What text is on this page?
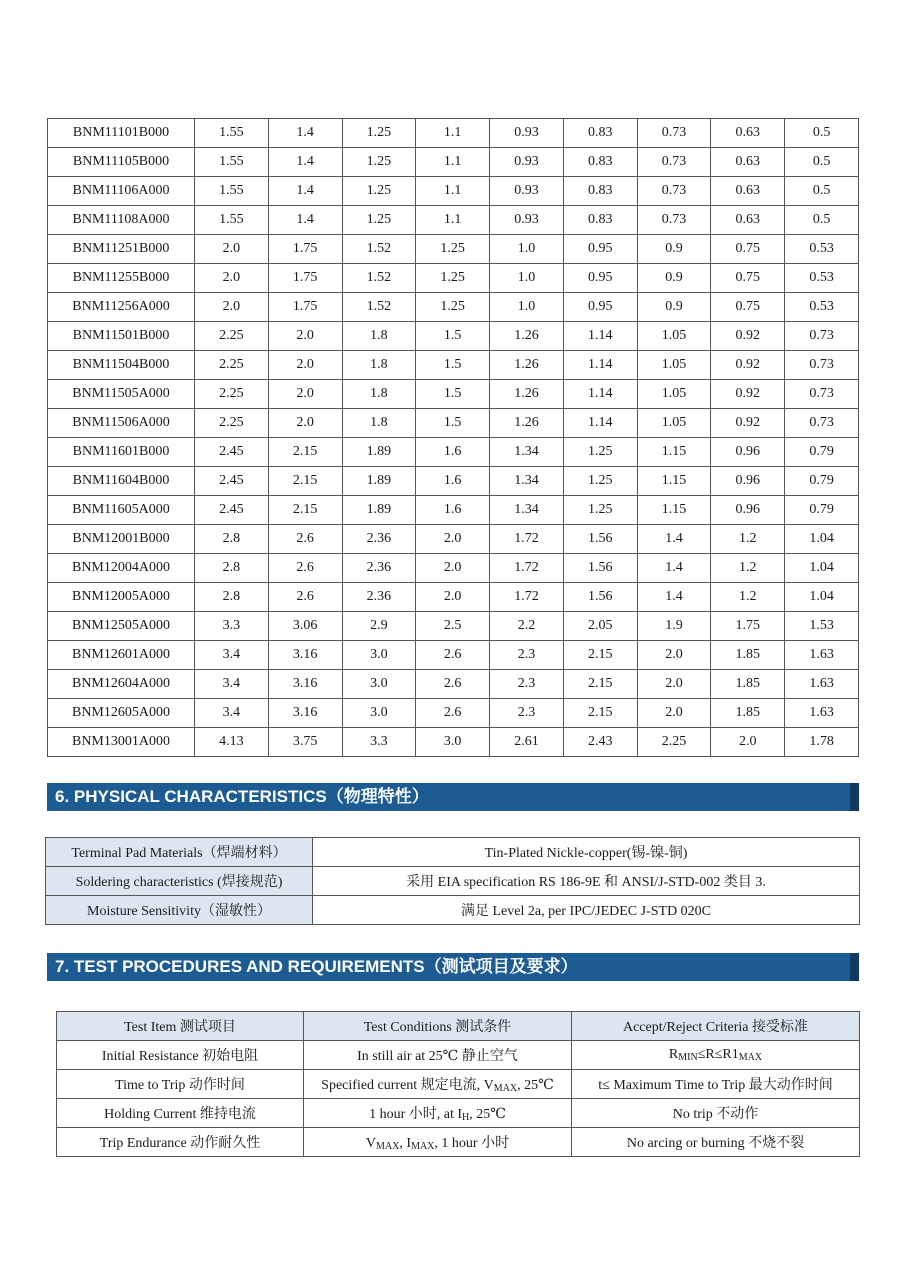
BNM11101B000	1.55	1.4	1.25	1.1	0.93	0.83	0.73	0.63	0.5
BNM11105B000	1.55	1.4	1.25	1.1	0.93	0.83	0.73	0.63	0.5
BNM11106A000	1.55	1.4	1.25	1.1	0.93	0.83	0.73	0.63	0.5
BNM11108A000	1.55	1.4	1.25	1.1	0.93	0.83	0.73	0.63	0.5
BNM11251B000	2.0	1.75	1.52	1.25	1.0	0.95	0.9	0.75	0.53
BNM11255B000	2.0	1.75	1.52	1.25	1.0	0.95	0.9	0.75	0.53
BNM11256A000	2.0	1.75	1.52	1.25	1.0	0.95	0.9	0.75	0.53
BNM11501B000	2.25	2.0	1.8	1.5	1.26	1.14	1.05	0.92	0.73
BNM11504B000	2.25	2.0	1.8	1.5	1.26	1.14	1.05	0.92	0.73
BNM11505A000	2.25	2.0	1.8	1.5	1.26	1.14	1.05	0.92	0.73
BNM11506A000	2.25	2.0	1.8	1.5	1.26	1.14	1.05	0.92	0.73
BNM11601B000	2.45	2.15	1.89	1.6	1.34	1.25	1.15	0.96	0.79
BNM11604B000	2.45	2.15	1.89	1.6	1.34	1.25	1.15	0.96	0.79
BNM11605A000	2.45	2.15	1.89	1.6	1.34	1.25	1.15	0.96	0.79
BNM12001B000	2.8	2.6	2.36	2.0	1.72	1.56	1.4	1.2	1.04
BNM12004A000	2.8	2.6	2.36	2.0	1.72	1.56	1.4	1.2	1.04
BNM12005A000	2.8	2.6	2.36	2.0	1.72	1.56	1.4	1.2	1.04
BNM12505A000	3.3	3.06	2.9	2.5	2.2	2.05	1.9	1.75	1.53
BNM12601A000	3.4	3.16	3.0	2.6	2.3	2.15	2.0	1.85	1.63
BNM12604A000	3.4	3.16	3.0	2.6	2.3	2.15	2.0	1.85	1.63
BNM12605A000	3.4	3.16	3.0	2.6	2.3	2.15	2.0	1.85	1.63
BNM13001A000	4.13	3.75	3.3	3.0	2.61	2.43	2.25	2.0	1.78
6. PHYSICAL CHARACTERISTICS（物理特性）
Terminal Pad Materials（焊端材料）	Tin-Plated Nickle-copper(锡-镍-铜)
Soldering characteristics (焊接规范)	采用 EIA specification RS 186-9E 和 ANSI/J-STD-002 类目 3.
Moisture Sensitivity（湿敏性）	满足 Level 2a, per IPC/JEDEC J-STD 020C
7. TEST PROCEDURES AND REQUIREMENTS（测试项目及要求）
Test Item 测试项目	Test Conditions 测试条件	Accept/Reject Criteria 接受标准
Initial Resistance 初始电阻	In still air at 25℃ 静止空气	$R_{MIN}\le R\le R1_{MAX}$
Time to Trip 动作时间	Specified current 规定电流, $V_{MAX}$, 25℃	t≤ Maximum Time to Trip 最大动作时间
Holding Current 维持电流	1 hour 小时, at $I_H$, 25℃	No trip 不动作
Trip Endurance 动作耐久性	$V_{MAX}$, $I_{MAX}$, 1 hour 小时	No arcing or burning 不烧不裂
